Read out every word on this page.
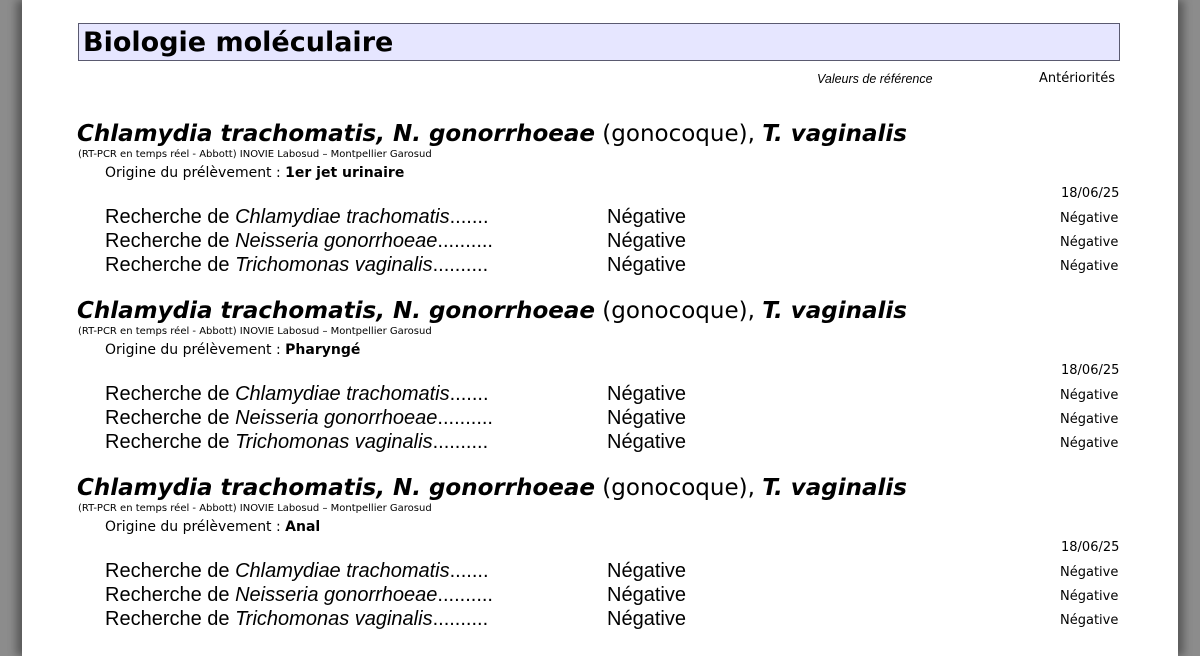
Biologie moléculaire
Valeurs de référence	Antériorités
Chlamydia trachomatis, N. gonorrhoeae (gonocoque), T. vaginalis
(RT-PCR en temps réel - Abbott) INOVIE Labosud – Montpellier Garosud
Origine du prélèvement : 1er jet urinaire
18/06/25
Recherche de Chlamydiae trachomatis.......	Négative	Négative
Recherche de Neisseria gonorrhoeae..........	Négative	Négative
Recherche de Trichomonas vaginalis..........	Négative	Négative
Chlamydia trachomatis, N. gonorrhoeae (gonocoque), T. vaginalis
(RT-PCR en temps réel - Abbott) INOVIE Labosud – Montpellier Garosud
Origine du prélèvement : Pharyngé
18/06/25
Recherche de Chlamydiae trachomatis.......	Négative	Négative
Recherche de Neisseria gonorrhoeae..........	Négative	Négative
Recherche de Trichomonas vaginalis..........	Négative	Négative
Chlamydia trachomatis, N. gonorrhoeae (gonocoque), T. vaginalis
(RT-PCR en temps réel - Abbott) INOVIE Labosud – Montpellier Garosud
Origine du prélèvement : Anal
18/06/25
Recherche de Chlamydiae trachomatis.......	Négative	Négative
Recherche de Neisseria gonorrhoeae..........	Négative	Négative
Recherche de Trichomonas vaginalis..........	Négative	Négative
